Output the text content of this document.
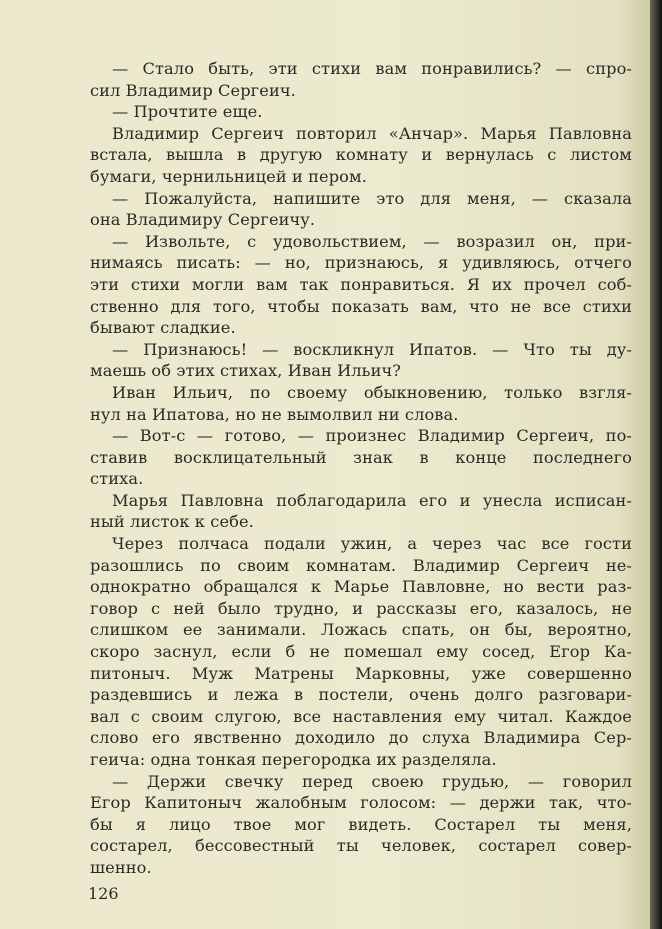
— Стало быть, эти стихи вам понравились? — спро-
сил Владимир Сергеич.
— Прочтите еще.
Владимир Сергеич повторил «Анчар». Марья Павловна
встала, вышла в другую комнату и вернулась с листом
бумаги, чернильницей и пером.
— Пожалуйста, напишите это для меня, — сказала
она Владимиру Сергеичу.
— Извольте, с удовольствием, — возразил он, при-
нимаясь писать: — но, признаюсь, я удивляюсь, отчего
эти стихи могли вам так понравиться. Я их прочел соб-
ственно для того, чтобы показать вам, что не все стихи
бывают сладкие.
— Признаюсь! — воскликнул Ипатов. — Что ты ду-
маешь об этих стихах, Иван Ильич?
Иван Ильич, по своему обыкновению, только взгля-
нул на Ипатова, но не вымолвил ни слова.
— Вот-с — готово, — произнес Владимир Сергеич, по-
ставив восклицательный знак в конце последнего
стиха.
Марья Павловна поблагодарила его и унесла исписан-
ный листок к себе.
Через полчаса подали ужин, а через час все гости
разошлись по своим комнатам. Владимир Сергеич не-
однократно обращался к Марье Павловне, но вести раз-
говор с ней было трудно, и рассказы его, казалось, не
слишком ее занимали. Ложась спать, он бы, вероятно,
скоро заснул, если б не помешал ему сосед, Егор Ка-
питоныч. Муж Матрены Марковны, уже совершенно
раздевшись и лежа в постели, очень долго разговари-
вал с своим слугою, все наставления ему читал. Каждое
слово его явственно доходило до слуха Владимира Сер-
геича: одна тонкая перегородка их разделяла.
— Держи свечку перед своею грудью, — говорил
Егор Капитоныч жалобным голосом: — держи так, что-
бы я лицо твое мог видеть. Состарел ты меня,
состарел, бессовестный ты человек, состарел совер-
шенно.
126
